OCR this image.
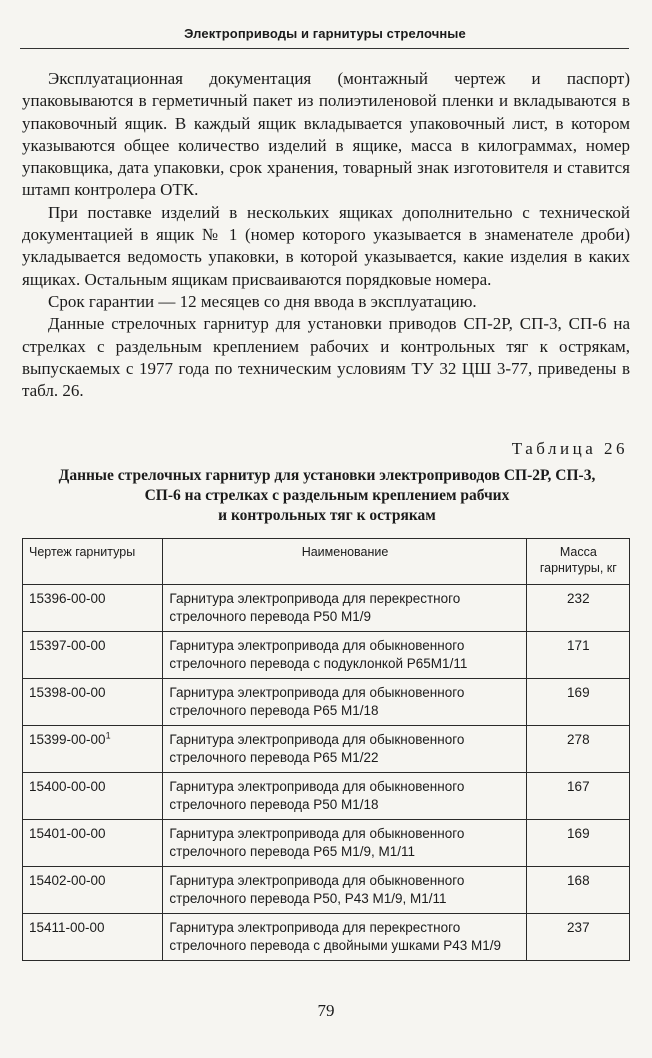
Электроприводы и гарнитуры стрелочные

Эксплуатационная документация (монтажный чертеж и паспорт) упаковываются в герметичный пакет из полиэтиленовой пленки и вкладываются в упаковочный ящик. В каждый ящик вкладывается упаковочный лист, в котором указываются общее количество изделий в ящике, масса в килограммах, номер упаковщика, дата упаковки, срок хранения, товарный знак изготовителя и ставится штамп контролера ОТК.

При поставке изделий в нескольких ящиках дополнительно с технической документацией в ящик № 1 (номер которого указывается в знаменателе дроби) укладывается ведомость упаковки, в которой указывается, какие изделия в каких ящиках. Остальным ящикам присваиваются порядковые номера.

Срок гарантии — 12 месяцев со дня ввода в эксплуатацию.

Данные стрелочных гарнитур для установки приводов СП-2Р, СП-3, СП-6 на стрелках с раздельным креплением рабочих и контрольных тяг к острякам, выпускаемых с 1977 года по техническим условиям ТУ 32 ЦШ 3-77, приведены в табл. 26.

Таблица 26
Данные стрелочных гарнитур для установки электроприводов СП-2Р, СП-3,
СП-6 на стрелках с раздельным креплением рабчих
и контрольных тяг к острякам
Чертеж гарнитуры	Наименование	Масса гарнитуры, кг
15396-00-00	Гарнитура электропривода для перекрестного стрелочного перевода Р50 М1/9	232
15397-00-00	Гарнитура электропривода для обыкновенного стрелочного перевода с подуклонкой Р65М1/11	171
15398-00-00	Гарнитура электропривода для обыкновенного стрелочного перевода Р65 М1/18	169
$15399-00-00^1$	Гарнитура электропривода для обыкновенного стрелочного перевода Р65 М1/22	278
15400-00-00	Гарнитура электропривода для обыкновенного стрелочного перевода Р50 М1/18	167
15401-00-00	Гарнитура электропривода для обыкновенного стрелочного перевода Р65 М1/9, М1/11	169
15402-00-00	Гарнитура электропривода для обыкновенного стрелочного перевода Р50, Р43 М1/9, М1/11	168
15411-00-00	Гарнитура электропривода для перекрестного стрелочного перевода с двойными ушками Р43 М1/9	237
79
